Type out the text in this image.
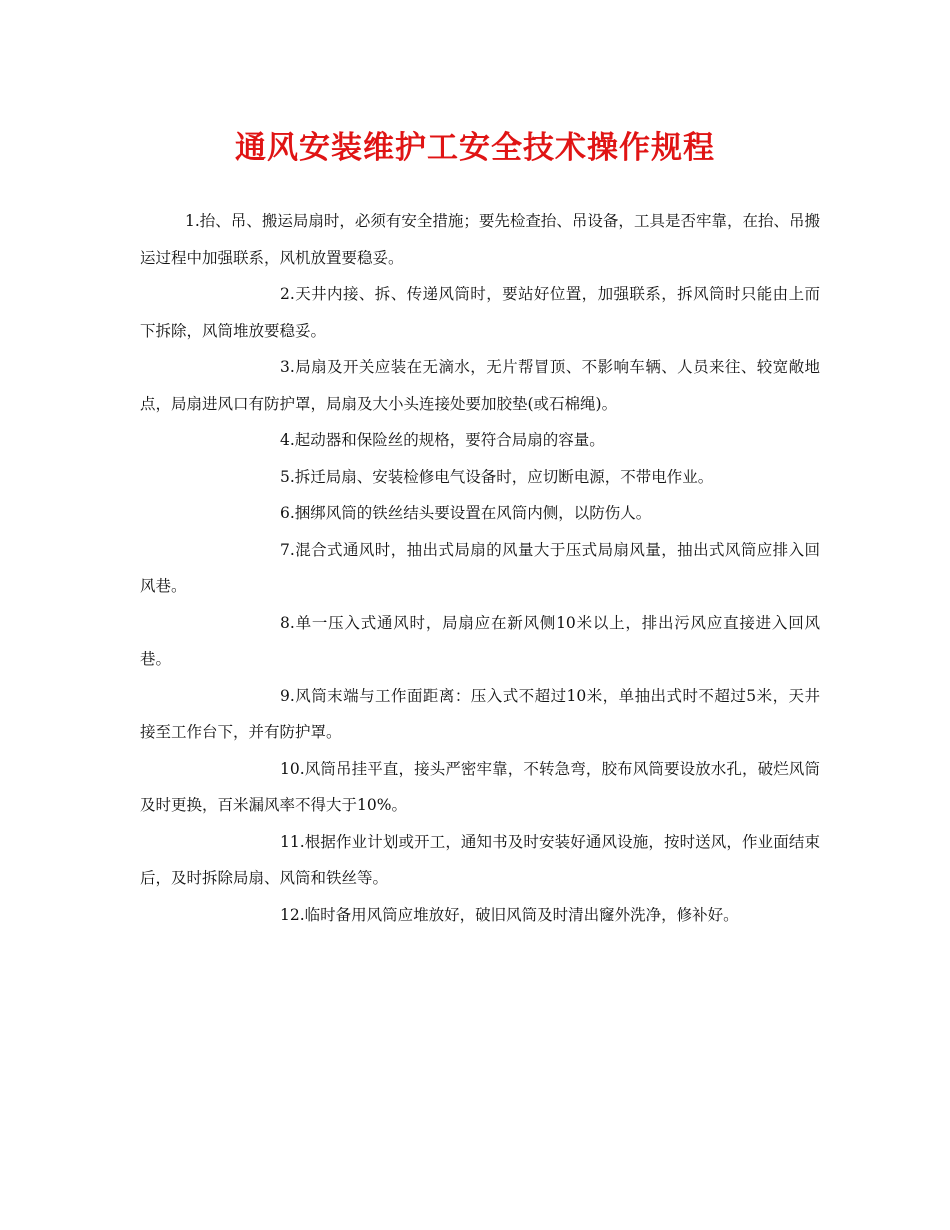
通风安装维护工安全技术操作规程

1.抬、吊、搬运局扇时，必须有安全措施；要先检查抬、吊设备，工具是否牢靠，在抬、吊搬运过程中加强联系，风机放置要稳妥。

2.天井内接、拆、传递风筒时，要站好位置，加强联系，拆风筒时只能由上而下拆除，风筒堆放要稳妥。

3.局扇及开关应装在无滴水，无片帮冒顶、不影响车辆、人员来往、较宽敞地点，局扇进风口有防护罩，局扇及大小头连接处要加胶垫(或石棉绳)。

4.起动器和保险丝的规格，要符合局扇的容量。

5.拆迁局扇、安装检修电气设备时，应切断电源，不带电作业。

6.捆绑风筒的铁丝结头要设置在风筒内侧，以防伤人。

7.混合式通风时，抽出式局扇的风量大于压式局扇风量，抽出式风筒应排入回风巷。

8.单一压入式通风时，局扇应在新风侧10米以上，排出污风应直接进入回风巷。

9.风筒末端与工作面距离：压入式不超过10米，单抽出式时不超过5米，天井接至工作台下，并有防护罩。

10.风筒吊挂平直，接头严密牢靠，不转急弯，胶布风筒要设放水孔，破烂风筒及时更换，百米漏风率不得大于10%。

11.根据作业计划或开工，通知书及时安装好通风设施，按时送风，作业面结束后，及时拆除局扇、风筒和铁丝等。

12.临时备用风筒应堆放好，破旧风筒及时清出窿外洗净，修补好。
